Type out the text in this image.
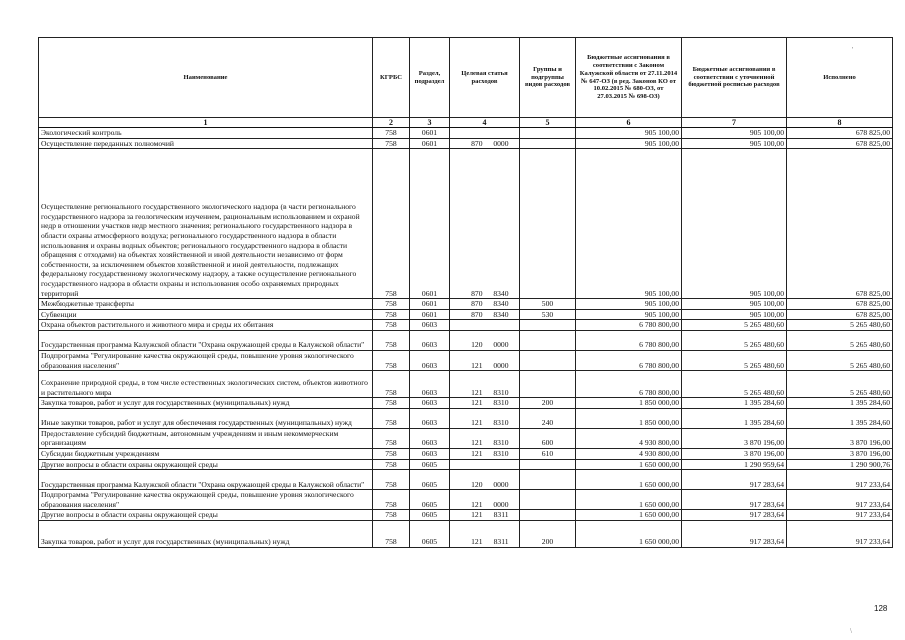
'
Наименование	КГРБС	Раздел, подраздел	Целевая статья расходов	Группы и подгруппы видов расходов	Бюджетные ассигнования в соответствии с Законом Калужской области от 27.11.2014 № 647-ОЗ (в ред. Законов КО от 10.02.2015 № 680-ОЗ, от 27.03.2015 № 698-ОЗ)	Бюджетные ассигнования в соответствии с уточненной бюджетной росписью расходов	Исполнено
1	2	3	4	5	6	7	8
Экологический контроль	758	0601			905 100,00	905 100,00	678 825,00
Осуществление переданных полномочий	758	0601	870 0000		905 100,00	905 100,00	678 825,00
Осуществление регионального государственного экологического надзора (в части регионального государственного надзора за геологическим изучением, рациональным использованием и охраной недр в отношении участков недр местного значения; регионального государственного надзора в области охраны атмосферного воздуха; регионального государственного надзора в области использования и охраны водных объектов; регионального государственного надзора в области обращения с отходами) на объектах хозяйственной и иной деятельности независимо от форм собственности, за исключением объектов хозяйственной и иной деятельности, подлежащих федеральному государственному экологическому надзору, а также осуществление регионального государственного надзора в области охраны и использования особо охраняемых природных территорий	758	0601	870 8340		905 100,00	905 100,00	678 825,00
Межбюджетные трансферты	758	0601	870 8340	500	905 100,00	905 100,00	678 825,00
Субвенции	758	0601	870 8340	530	905 100,00	905 100,00	678 825,00
Охрана объектов растительного и животного мира и среды их обитания	758	0603			6 780 800,00	5 265 480,60	5 265 480,60
Государственная программа Калужской области "Охрана окружающей среды в Калужской области"	758	0603	120 0000		6 780 800,00	5 265 480,60	5 265 480,60
Подпрограмма "Регулирование качества окружающей среды, повышение уровня экологического образования населения"	758	0603	121 0000		6 780 800,00	5 265 480,60	5 265 480,60
Сохранение природной среды, в том числе естественных экологических систем, объектов животного и растительного мира	758	0603	121 8310		6 780 800,00	5 265 480,60	5 265 480,60
Закупка товаров, работ и услуг для государственных (муниципальных) нужд	758	0603	121 8310	200	1 850 000,00	1 395 284,60	1 395 284,60
Иные закупки товаров, работ и услуг для обеспечения государственных (муниципальных) нужд	758	0603	121 8310	240	1 850 000,00	1 395 284,60	1 395 284,60
Предоставление субсидий бюджетным, автономным учреждениям и иным некоммерческим организациям	758	0603	121 8310	600	4 930 800,00	3 870 196,00	3 870 196,00
Субсидии бюджетным учреждениям	758	0603	121 8310	610	4 930 800,00	3 870 196,00	3 870 196,00
Другие вопросы в области охраны окружающей среды	758	0605			1 650 000,00	1 290 959,64	1 290 900,76
Государственная программа Калужской области "Охрана окружающей среды в Калужской области"	758	0605	120 0000		1 650 000,00	917 283,64	917 233,64
Подпрограмма "Регулирование качества окружающей среды, повышение уровня экологического образования населения"	758	0605	121 0000		1 650 000,00	917 283,64	917 233,64
Другие вопросы в области охраны окружающей среды	758	0605	121 8311		1 650 000,00	917 283,64	917 233,64
Закупка товаров, работ и услуг для государственных (муниципальных) нужд	758	0605	121 8311	200	1 650 000,00	917 283,64	917 233,64
128
\
